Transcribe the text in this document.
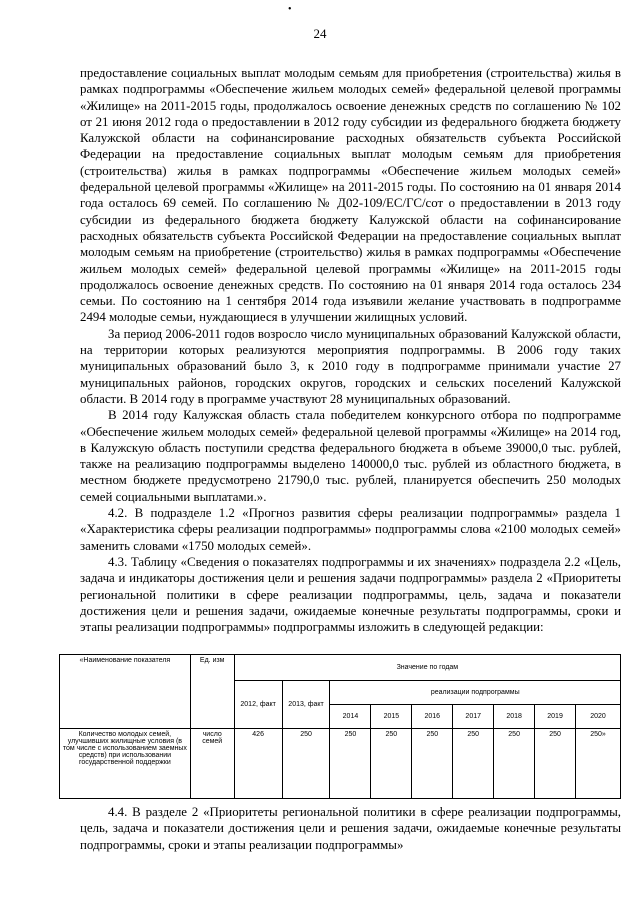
•
24

предоставление социальных выплат молодым семьям для приобретения (строительства) жилья в рамках подпрограммы «Обеспечение жильем молодых семей» федеральной целевой программы «Жилище» на 2011-2015 годы, продолжалось освоение денежных средств по соглашению № 102 от 21 июня 2012 года о предоставлении в 2012 году субсидии из федерального бюджета бюджету Калужской области на софинансирование расходных обязательств субъекта Российской Федерации на предоставление социальных выплат молодым семьям для приобретения (строительства) жилья в рамках подпрограммы «Обеспечение жильем молодых семей» федеральной целевой программы «Жилище» на 2011-2015 годы. По состоянию на 01 января 2014 года осталось 69 семей. По соглашению № Д02-109/ЕС/ГС/сот о предоставлении в 2013 году субсидии из федерального бюджета бюджету Калужской области на софинансирование расходных обязательств субъекта Российской Федерации на предоставление социальных выплат молодым семьям на приобретение (строительство) жилья в рамках подпрограммы «Обеспечение жильем молодых семей» федеральной целевой программы «Жилище» на 2011-2015 годы продолжалось освоение денежных средств. По состоянию на 01 января 2014 года осталось 234 семьи. По состоянию на 1 сентября 2014 года изъявили желание участвовать в подпрограмме 2494 молодые семьи, нуждающиеся в улучшении жилищных условий.

За период 2006-2011 годов возросло число муниципальных образований Калужской области, на территории которых реализуются мероприятия подпрограммы. В 2006 году таких муниципальных образований было 3, к 2010 году в подпрограмме принимали участие 27 муниципальных районов, городских округов, городских и сельских поселений Калужской области. В 2014 году в программе участвуют 28 муниципальных образований.

В 2014 году Калужская область стала победителем конкурсного отбора по подпрограмме «Обеспечение жильем молодых семей» федеральной целевой программы «Жилище» на 2014 год, в Калужскую область поступили средства федерального бюджета в объеме 39000,0 тыс. рублей, также на реализацию подпрограммы выделено 140000,0 тыс. рублей из областного бюджета, в местном бюджете предусмотрено 21790,0 тыс. рублей, планируется обеспечить 250 молодых семей социальными выплатами.».

4.2. В подразделе 1.2 «Прогноз развития сферы реализации подпрограммы» раздела 1 «Характеристика сферы реализации подпрограммы» подпрограммы слова «2100 молодых семей» заменить словами «1750 молодых семей».

4.3. Таблицу «Сведения о показателях подпрограммы и их значениях» подраздела 2.2 «Цель, задача и индикаторы достижения цели и решения задачи подпрограммы» раздела 2 «Приоритеты региональной политики в сфере реализации подпрограммы, цель, задача и показатели достижения цели и решения задачи, ожидаемые конечные результаты подпрограммы, сроки и этапы реализации подпрограммы» подпрограммы изложить в следующей редакции:

«Наименование показателя	Ед. изм	Значение по годам								
		2012, факт	2013, факт	реализации подпрограммы						
				2014	2015	2016	2017	2018	2019	2020
Количество молодых семей, улучшивших жилищные условия (в том числе с использованием заемных средств) при использовании государственной поддержки	число семей	426	250	250	250	250	250	250	250	250»

4.4. В разделе 2 «Приоритеты региональной политики в сфере реализации подпрограммы, цель, задача и показатели достижения цели и решения задачи, ожидаемые конечные результаты подпрограммы, сроки и этапы реализации подпрограммы»
